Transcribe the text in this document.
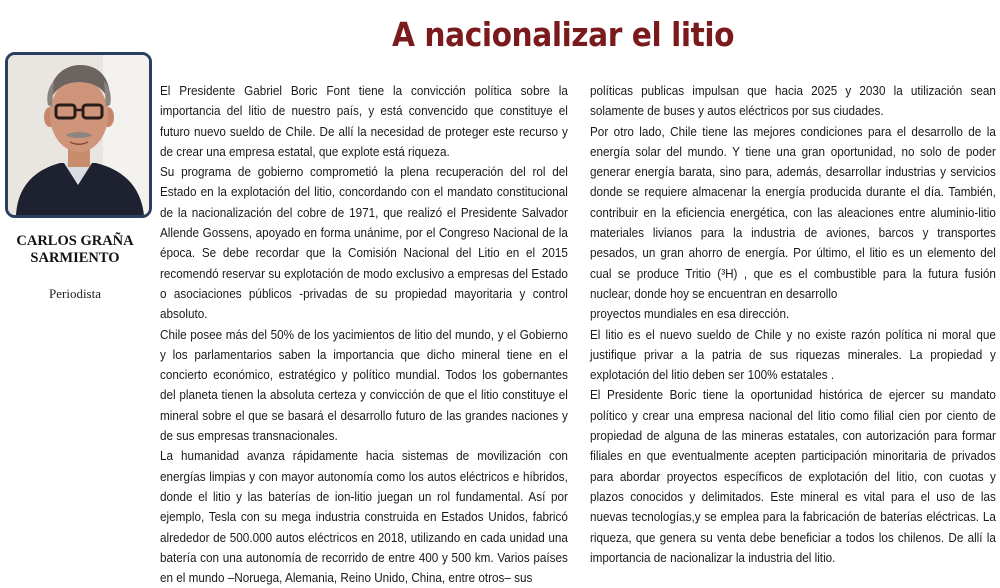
A nacionalizar el litio

CARLOS GRAÑA
SARMIENTO

Periodista

El Presidente Gabriel Boric Font tiene la convicción política sobre la importancia del litio de nuestro país, y está convencido que constituye el futuro nuevo sueldo de Chile. De allí la necesidad de proteger este recurso y de crear una empresa estatal, que explote está riqueza.

Su programa de gobierno comprometió la plena recuperación del rol del Estado en la explotación del litio, concordando con el mandato constitucional de la nacionalización del cobre de 1971, que realizó el Presidente Salvador Allende Gossens, apoyado en forma unánime, por el Congreso Nacional de la época. Se debe recordar que la Comisión Nacional del Litio en el 2015 recomendó reservar su explotación de modo exclusivo a empresas del Estado o asociaciones públicos -privadas de su propiedad mayoritaria y control absoluto.

Chile posee más del 50% de los yacimientos de litio del mundo, y el Gobierno y los parlamentarios saben la importancia que dicho mineral tiene en el concierto económico, estratégico y político mundial. Todos los gobernantes del planeta tienen la absoluta certeza y convicción de que el litio constituye el mineral sobre el que se basará el desarrollo futuro de las grandes naciones y de sus empresas transnacionales.

La humanidad avanza rápidamente hacia sistemas de movilización con energías limpias y con mayor autonomía como los autos eléctricos e híbridos, donde el litio y las baterías de ion-litio juegan un rol fundamental. Así por ejemplo, Tesla con su mega industria construida en Estados Unidos, fabricó alrededor de 500.000 autos eléctricos en 2018, utilizando en cada unidad una batería con una autonomía de recorrido de entre 400 y 500 km. Varios países en el mundo –Noruega, Alemania, Reino Unido, China, entre otros– sus

políticas publicas impulsan que hacia 2025 y 2030 la utilización sean solamente de buses y autos eléctricos por sus ciudades.

Por otro lado, Chile tiene las mejores condiciones para el desarrollo de la energía solar del mundo. Y tiene una gran oportunidad, no solo de poder generar energía barata, sino para, además, desarrollar industrias y servicios donde se requiere almacenar la energía producida durante el día. También, contribuir en la eficiencia energética, con las aleaciones entre aluminio-litio materiales livianos para la industria de aviones, barcos y transportes pesados, un gran ahorro de energía. Por último, el litio es un elemento del cual se produce Tritio (³H) , que es el combustible para la futura fusión nuclear, donde hoy se encuentran en desarrollo

proyectos mundiales en esa dirección.

El litio es el nuevo sueldo de Chile y no existe razón política ni moral que justifique privar a la patria de sus riquezas minerales. La propiedad y explotación del litio deben ser 100% estatales .

El Presidente Boric tiene la oportunidad histórica de ejercer su mandato político y crear una empresa nacional del litio como filial cien por ciento de propiedad de alguna de las mineras estatales, con autorización para formar filiales en que eventualmente acepten participación minoritaria de privados para abordar proyectos específicos de explotación del litio, con cuotas y plazos conocidos y delimitados. Este mineral es vital para el uso de las nuevas tecnologías,y se emplea para la fabricación de baterías eléctricas. La riqueza, que genera su venta debe beneficiar a todos los chilenos. De allí la importancia de nacionalizar la industria del litio.
